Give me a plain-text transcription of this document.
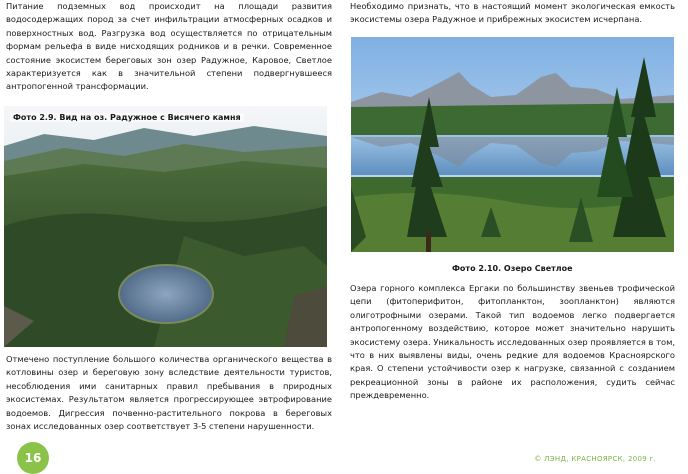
Питание подземных вод происходит на площади развития водосодержащих пород за счет инфильтрации атмосферных осадков и поверхностных вод. Разгрузка вод осуществляется по отрицательным формам рельефа в виде нисходящих родников и в речки. Современное состояние экосистем береговых зон озер Радужное, Каровое, Светлое характеризуется как в значительной степени подвергнувшееся антропогенной трансформации.

Фото 2.9. Вид на оз. Радужное с Висячего камня

Отмечено поступление большого количества органического вещества в котловины озер и береговую зону вследствие деятельности туристов, несоблюдения ими санитарных правил пребывания в природных экосистемах. Результатом является прогрессирующее эвтрофирование водоемов. Дигрессия почвенно-растительного покрова в береговых зонах исследованных озер соответствует 3-5 степени нарушенности.

Необходимо признать, что в настоящий момент экологическая емкость экосистемы озера Радужное и прибрежных экосистем исчерпана.

Фото 2.10. Озеро Светлое

Озера горного комплекса Ергаки по большинству звеньев трофической цепи (фитоперифитон, фитопланктон, зоопланктон) являются олиготрофными озерами. Такой тип водоемов легко подвергается антропогенному воздействию, которое может значительно нарушить экосистему озера. Уникальность исследованных озер проявляется в том, что в них выявлены виды, очень редкие для водоемов Красноярского края. О степени устойчивости озер к нагрузке, связанной с созданием рекреационной зоны в районе их расположения, судить сейчас преждевременно.

16	© ЛЭНД, КРАСНОЯРСК, 2009 г.
